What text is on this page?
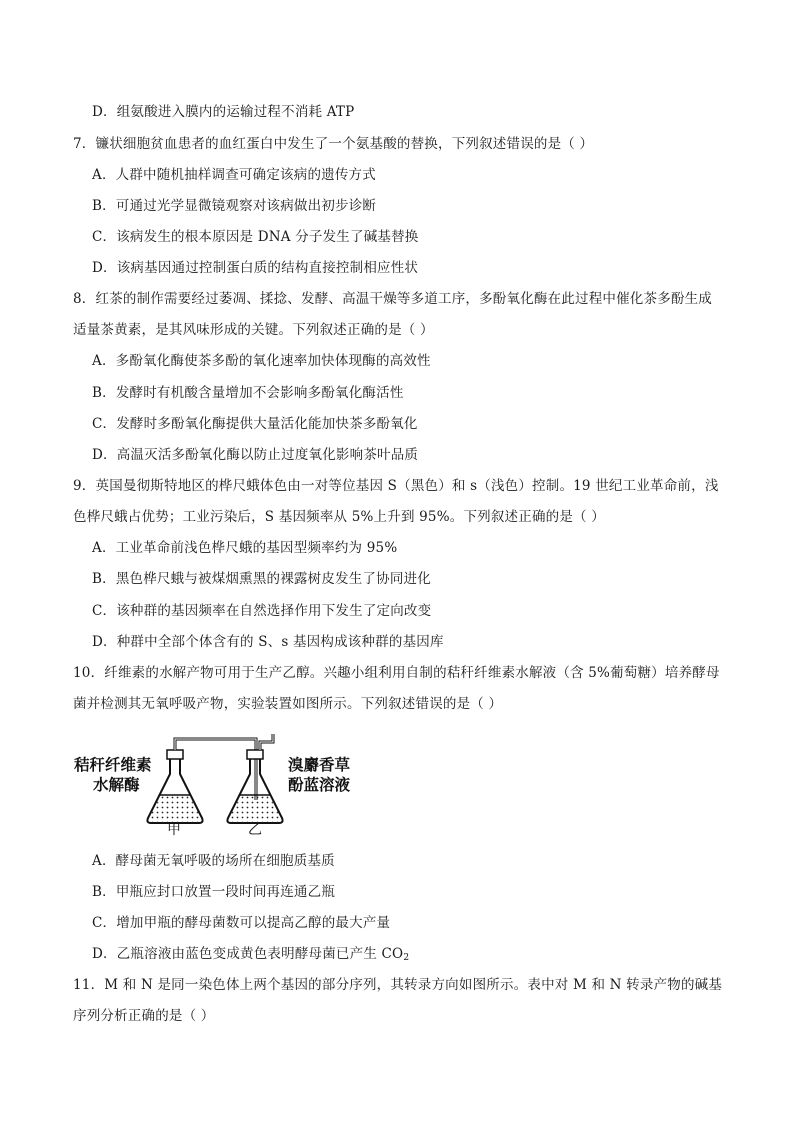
D．组氨酸进入膜内的运输过程不消耗 ATP
7．镰状细胞贫血患者的血红蛋白中发生了一个氨基酸的替换，下列叙述错误的是（ ）
A．人群中随机抽样调查可确定该病的遗传方式
B．可通过光学显微镜观察对该病做出初步诊断
C．该病发生的根本原因是 DNA 分子发生了碱基替换
D．该病基因通过控制蛋白质的结构直接控制相应性状
8．红茶的制作需要经过萎凋、揉捻、发酵、高温干燥等多道工序，多酚氧化酶在此过程中催化茶多酚生成
适量茶黄素，是其风味形成的关键。下列叙述正确的是（ ）
A．多酚氧化酶使茶多酚的氧化速率加快体现酶的高效性
B．发酵时有机酸含量增加不会影响多酚氧化酶活性
C．发酵时多酚氧化酶提供大量活化能加快茶多酚氧化
D．高温灭活多酚氧化酶以防止过度氧化影响茶叶品质
9．英国曼彻斯特地区的桦尺蛾体色由一对等位基因 S（黑色）和 s（浅色）控制。19 世纪工业革命前，浅
色桦尺蛾占优势；工业污染后，S 基因频率从 5%上升到 95%。下列叙述正确的是（ ）
A．工业革命前浅色桦尺蛾的基因型频率约为 95%
B．黑色桦尺蛾与被煤烟熏黑的裸露树皮发生了协同进化
C．该种群的基因频率在自然选择作用下发生了定向改变
D．种群中全部个体含有的 S、s 基因构成该种群的基因库
10．纤维素的水解产物可用于生产乙醇。兴趣小组利用自制的秸秆纤维素水解液（含 5%葡萄糖）培养酵母
菌并检测其无氧呼吸产物，实验装置如图所示。下列叙述错误的是（ ）
秸秆纤维素
水解酶
溴麝香草
酚蓝溶液
甲	乙
A．酵母菌无氧呼吸的场所在细胞质基质
B．甲瓶应封口放置一段时间再连通乙瓶
C．增加甲瓶的酵母菌数可以提高乙醇的最大产量
D．乙瓶溶液由蓝色变成黄色表明酵母菌已产生 $CO_2$
11．M 和 N 是同一染色体上两个基因的部分序列，其转录方向如图所示。表中对 M 和 N 转录产物的碱基
序列分析正确的是（ ）
